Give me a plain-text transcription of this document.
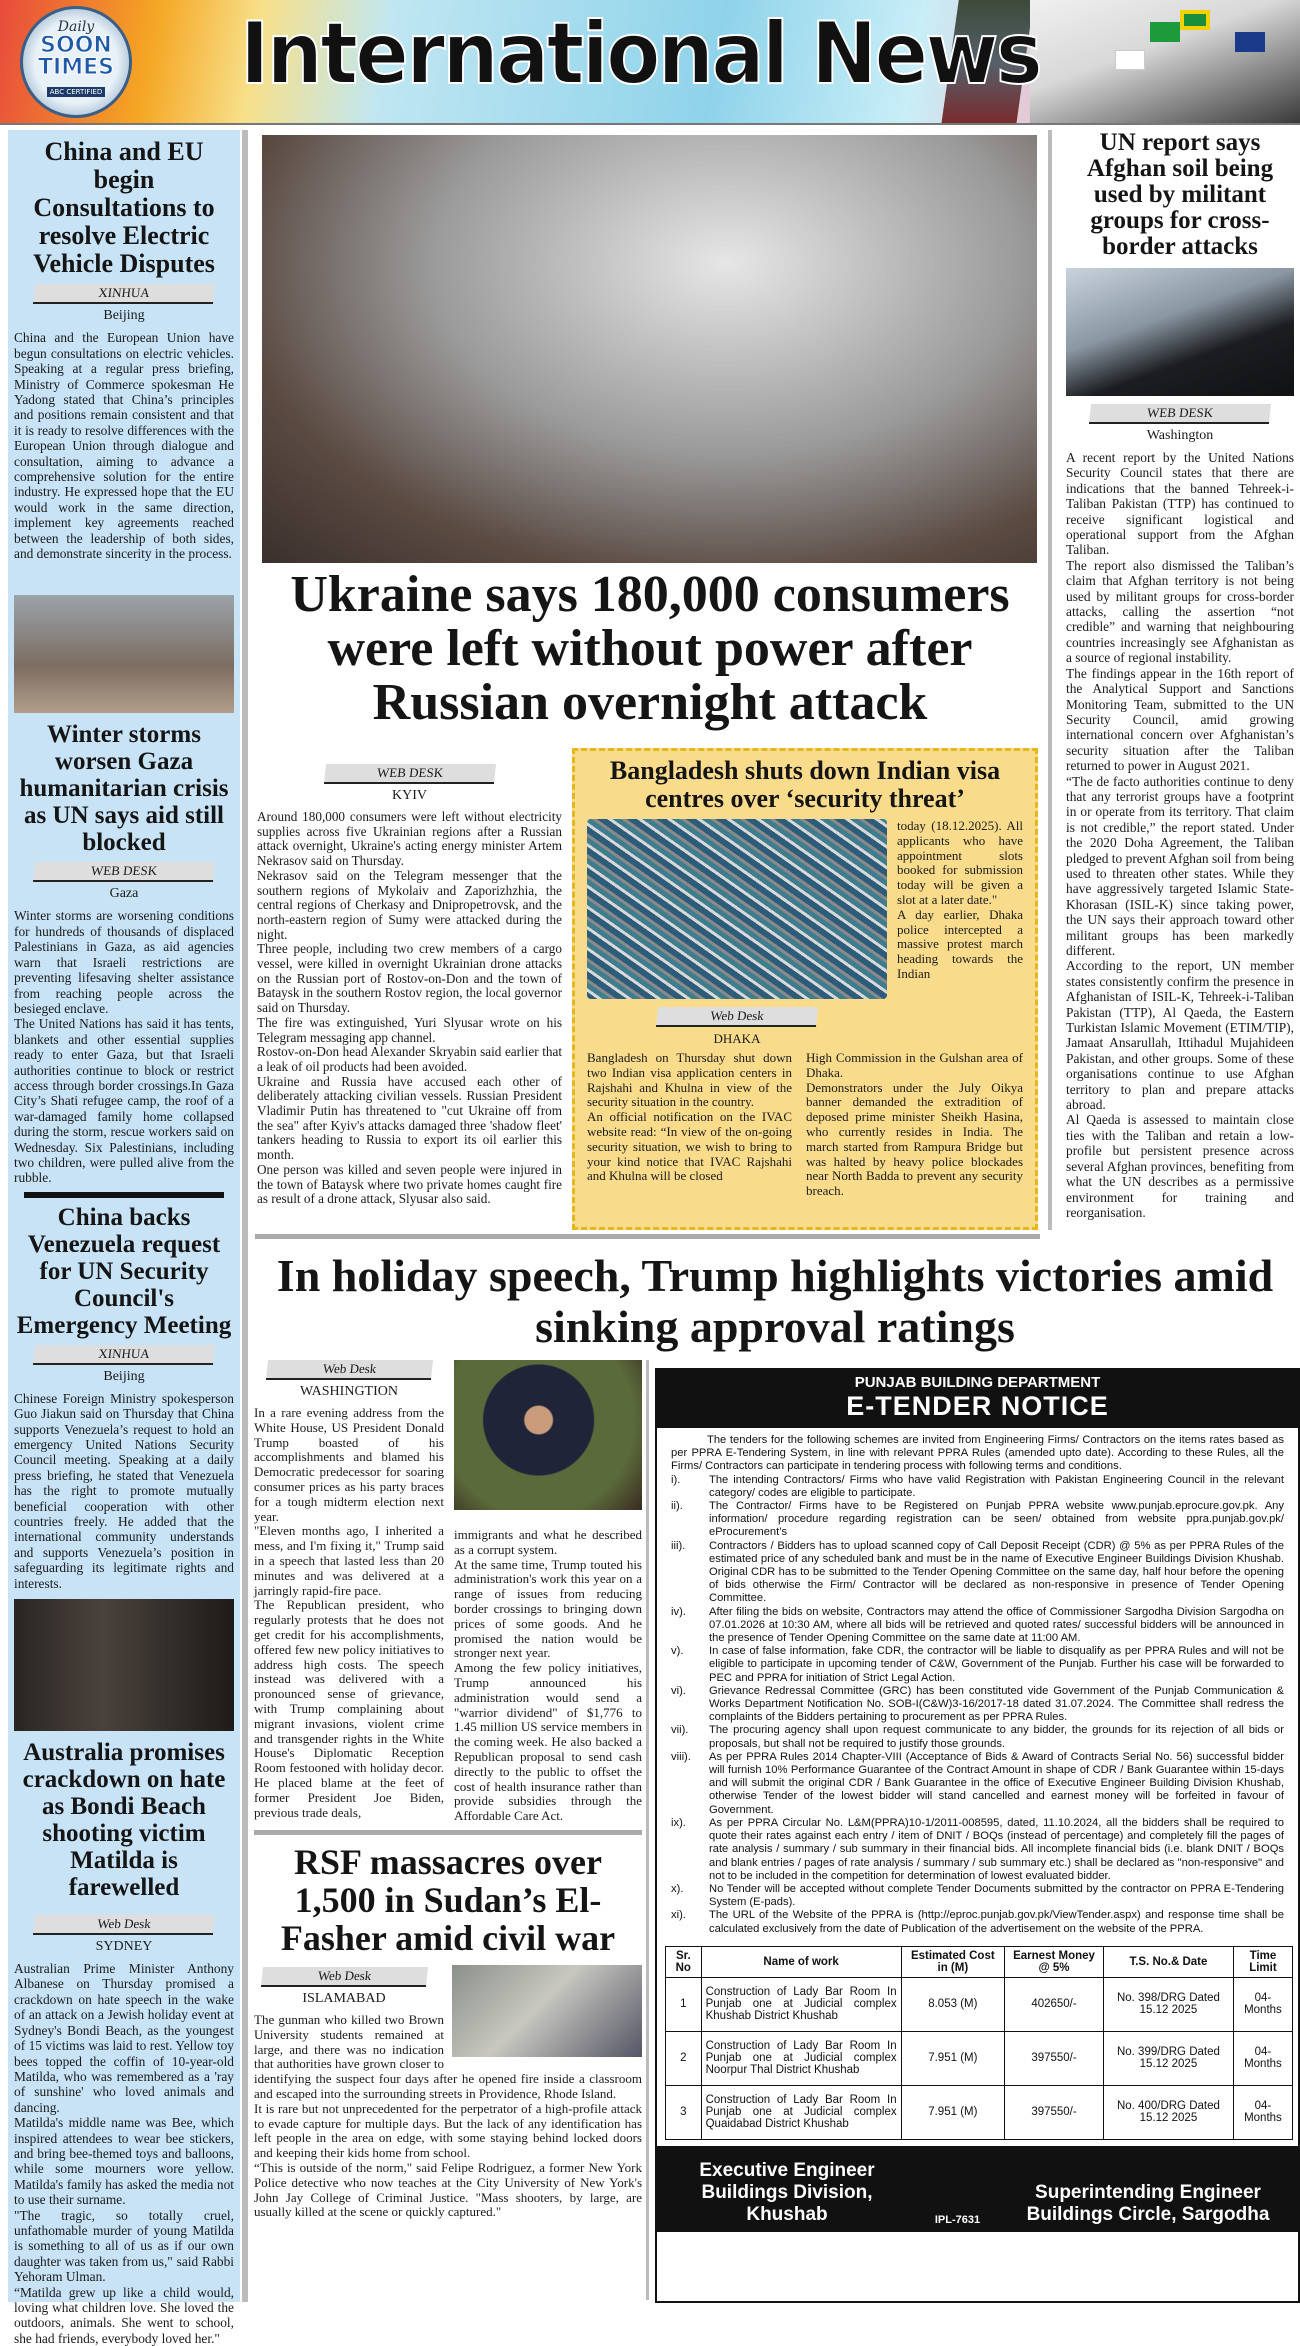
Daily
SOON
TIMES
ABC CERTIFIED	International News
China and EU begin Consultations to resolve Electric Vehicle Disputes
XINHUA
Beijing

China and the European Union have begun consultations on electric vehicles. Speaking at a regular press briefing, Ministry of Commerce spokesman He Yadong stated that China’s principles and positions remain consistent and that it is ready to resolve differences with the European Union through dialogue and consultation, aiming to advance a comprehensive solution for the entire industry. He expressed hope that the EU would work in the same direction, implement key agreements reached between the leadership of both sides, and demonstrate sincerity in the process.

Winter storms worsen Gaza humanitarian crisis as UN says aid still blocked
WEB DESK
Gaza

Winter storms are worsening conditions for hundreds of thousands of displaced Palestinians in Gaza, as aid agencies warn that Israeli restrictions are preventing lifesaving shelter assistance from reaching people across the besieged enclave.

The United Nations has said it has tents, blankets and other essential supplies ready to enter Gaza, but that Israeli authorities continue to block or restrict access through border crossings.In Gaza City’s Shati refugee camp, the roof of a war-damaged family home collapsed during the storm, rescue workers said on Wednesday. Six Palestinians, including two children, were pulled alive from the rubble.

China backs Venezuela request for UN Security Council's Emergency Meeting
XINHUA
Beijing

Chinese Foreign Ministry spokesperson Guo Jiakun said on Thursday that China supports Venezuela’s request to hold an emergency United Nations Security Council meeting. Speaking at a daily press briefing, he stated that Venezuela has the right to promote mutually beneficial cooperation with other countries freely. He added that the international community understands and supports Venezuela’s position in safeguarding its legitimate rights and interests.

Australia promises crackdown on hate as Bondi Beach shooting victim Matilda is farewelled
Web Desk
SYDNEY

Australian Prime Minister Anthony Albanese on Thursday promised a crackdown on hate speech in the wake of an attack on a Jewish holiday event at Sydney's Bondi Beach, as the youngest of 15 victims was laid to rest. Yellow toy bees topped the coffin of 10-year-old Matilda, who was remembered as a 'ray of sunshine' who loved animals and dancing.

Matilda's middle name was Bee, which inspired attendees to wear bee stickers, and bring bee-themed toys and balloons, while some mourners wore yellow. Matilda's family has asked the media not to use their surname.

"The tragic, so totally cruel, unfathomable murder of young Matilda is something to all of us as if our own daughter was taken from us," said Rabbi Yehoram Ulman.

“Matilda grew up like a child would, loving what children love. She loved the outdoors, animals. She went to school, she had friends, everybody loved her."

Ukraine says 180,000 consumers were left without power after Russian overnight attack
WEB DESK
KYIV

Around 180,000 consumers were left without electricity supplies across five Ukrainian regions after a Russian attack overnight, Ukraine's acting energy minister Artem Nekrasov said on Thursday.

Nekrasov said on the Telegram messenger that the southern regions of Mykolaiv and Zaporizhzhia, the central regions of Cherkasy and Dnipropetrovsk, and the north-eastern region of Sumy were attacked during the night.

Three people, including two crew members of a cargo vessel, were killed in overnight Ukrainian drone attacks on the Russian port of Rostov-on-Don and the town of Bataysk in the southern Rostov region, the local governor said on Thursday.

The fire was extinguished, Yuri Slyusar wrote on his Telegram messaging app channel.

Rostov-on-Don head Alexander Skryabin said earlier that a leak of oil products had been avoided.

Ukraine and Russia have accused each other of deliberately attacking civilian vessels. Russian President Vladimir Putin has threatened to "cut Ukraine off from the sea" after Kyiv's attacks damaged three 'shadow fleet' tankers heading to Russia to export its oil earlier this month.

One person was killed and seven people were injured in the town of Bataysk where two private homes caught fire as result of a drone attack, Slyusar also said.

Bangladesh shuts down Indian visa centres over ‘security threat’
Web Desk
DHAKA

today (18.12.2025). All applicants who have appointment slots booked for submission today will be given a slot at a later date."

A day earlier, Dhaka police intercepted a massive protest march heading towards the Indian

Bangladesh on Thursday shut down two Indian visa application centers in Rajshahi and Khulna in view of the security situation in the country.

An official notification on the IVAC website read: “In view of the on-going security situation, we wish to bring to your kind notice that IVAC Rajshahi and Khulna will be closed

High Commission in the Gulshan area of Dhaka.

Demonstrators under the July Oikya banner demanded the extradition of deposed prime minister Sheikh Hasina, who currently resides in India. The march started from Rampura Bridge but was halted by heavy police blockades near North Badda to prevent any security breach.

UN report says Afghan soil being used by militant groups for cross-border attacks
WEB DESK
Washington

A recent report by the United Nations Security Council states that there are indications that the banned Tehreek-i-Taliban Pakistan (TTP) has continued to receive significant logistical and operational support from the Afghan Taliban.

The report also dismissed the Taliban’s claim that Afghan territory is not being used by militant groups for cross-border attacks, calling the assertion “not credible” and warning that neighbouring countries increasingly see Afghanistan as a source of regional instability.

The findings appear in the 16th report of the Analytical Support and Sanctions Monitoring Team, submitted to the UN Security Council, amid growing international concern over Afghanistan’s security situation after the Taliban returned to power in August 2021.

“The de facto authorities continue to deny that any terrorist groups have a footprint in or operate from its territory. That claim is not credible,” the report stated. Under the 2020 Doha Agreement, the Taliban pledged to prevent Afghan soil from being used to threaten other states. While they have aggressively targeted Islamic State-Khorasan (ISIL-K) since taking power, the UN says their approach toward other militant groups has been markedly different.

According to the report, UN member states consistently confirm the presence in Afghanistan of ISIL-K, Tehreek-i-Taliban Pakistan (TTP), Al Qaeda, the Eastern Turkistan Islamic Movement (ETIM/TIP), Jamaat Ansarullah, Ittihadul Mujahideen Pakistan, and other groups. Some of these organisations continue to use Afghan territory to plan and prepare attacks abroad.

Al Qaeda is assessed to maintain close ties with the Taliban and retain a low-profile but persistent presence across several Afghan provinces, benefiting from what the UN describes as a permissive environment for training and reorganisation.

In holiday speech, Trump highlights victories amid sinking approval ratings
Web Desk
WASHINGTION

In a rare evening address from the White House, US President Donald Trump boasted of his accomplishments and blamed his Democratic predecessor for soaring consumer prices as his party braces for a tough midterm election next year.

"Eleven months ago, I inherited a mess, and I'm fixing it," Trump said in a speech that lasted less than 20 minutes and was delivered at a jarringly rapid-fire pace.

The Republican president, who regularly protests that he does not get credit for his accomplishments, offered few new policy initiatives to address high costs. The speech instead was delivered with a pronounced sense of grievance, with Trump complaining about migrant invasions, violent crime and transgender rights in the White House's Diplomatic Reception Room festooned with holiday decor. He placed blame at the feet of former President Joe Biden, previous trade deals,

immigrants and what he described as a corrupt system.

At the same time, Trump touted his administration's work this year on a range of issues from reducing border crossings to bringing down prices of some goods. And he promised the nation would be stronger next year.

Among the few policy initiatives, Trump announced his administration would send a "warrior dividend" of $1,776 to 1.45 million US service members in the coming week. He also backed a Republican proposal to send cash directly to the public to offset the cost of health insurance rather than provide subsidies through the Affordable Care Act.

RSF massacres over 1,500 in Sudan’s El-Fasher amid civil war
Web Desk
ISLAMABAD

The gunman who killed two Brown University students remained at large, and there was no indication that authorities have grown closer to identifying the suspect four days after he opened fire inside a classroom and escaped into the surrounding streets in Providence, Rhode Island.

It is rare but not unprecedented for the perpetrator of a high-profile attack to evade capture for multiple days. But the lack of any identification has left people in the area on edge, with some staying behind locked doors and keeping their kids home from school.

“This is outside of the norm," said Felipe Rodriguez, a former New York Police detective who now teaches at the City University of New York's John Jay College of Criminal Justice. "Mass shooters, by large, are usually killed at the scene or quickly captured."

PUNJAB BUILDING DEPARTMENT
E-TENDER NOTICE

The tenders for the following schemes are invited from Engineering Firms/ Contractors on the items rates based as per PPRA E-Tendering System, in line with relevant PPRA Rules (amended upto date). According to these Rules, all the Firms/ Contractors can participate in tendering process with following terms and conditions.

i).	The intending Contractors/ Firms who have valid Registration with Pakistan Engineering Council in the relevant category/ codes are eligible to participate.
ii).	The Contractor/ Firms have to be Registered on Punjab PPRA website www.punjab.eprocure.gov.pk. Any information/ procedure regarding registration can be seen/ obtained from website ppra.punjab.gov.pk/ eProcurement’s
iii).	Contractors / Bidders has to upload scanned copy of Call Deposit Receipt (CDR) @ 5% as per PPRA Rules of the estimated price of any scheduled bank and must be in the name of Executive Engineer Buildings Division Khushab. Original CDR has to be submitted to the Tender Opening Committee on the same day, half hour before the opening of bids otherwise the Firm/ Contractor will be declared as non-responsive in presence of Tender Opening Committee.
iv).	After filing the bids on website, Contractors may attend the office of Commissioner Sargodha Division Sargodha on 07.01.2026 at 10:30 AM, where all bids will be retrieved and quoted rates/ successful bidders will be announced in the presence of Tender Opening Committee on the same date at 11:00 AM.
v).	In case of false information, fake CDR, the contractor will be liable to disqualify as per PPRA Rules and will not be eligible to participate in upcoming tender of C&W, Government of the Punjab. Further his case will be forwarded to PEC and PPRA for initiation of Strict Legal Action.
vi).	Grievance Redressal Committee (GRC) has been constituted vide Government of the Punjab Communication & Works Department Notification No. SOB-I(C&W)3-16/2017-18 dated 31.07.2024. The Committee shall redress the complaints of the Bidders pertaining to procurement as per PPRA Rules.
vii).	The procuring agency shall upon request communicate to any bidder, the grounds for its rejection of all bids or proposals, but shall not be required to justify those grounds.
viii).	As per PPRA Rules 2014 Chapter-VIII (Acceptance of Bids & Award of Contracts Serial No. 56) successful bidder will furnish 10% Performance Guarantee of the Contract Amount in shape of CDR / Bank Guarantee within 15-days and will submit the original CDR / Bank Guarantee in the office of Executive Engineer Building Division Khushab, otherwise Tender of the lowest bidder will stand cancelled and earnest money will be forfeited in favour of Government.
ix).	As per PPRA Circular No. L&M(PPRA)10-1/2011-008595, dated, 11.10.2024, all the bidders shall be required to quote their rates against each entry / item of DNIT / BOQs (instead of percentage) and completely fill the pages of rate analysis / summary / sub summary in their financial bids. All incomplete financial bids (i.e. blank DNIT / BOQs and blank entries / pages of rate analysis / summary / sub summary etc.) shall be declared as "non-responsive" and not to be included in the competition for determination of lowest evaluated bidder.
x).	No Tender will be accepted without complete Tender Documents submitted by the contractor on PPRA E-Tendering System (E-pads).
xi).	The URL of the Website of the PPRA is (http://eproc.punjab.gov.pk/ViewTender.aspx) and response time shall be calculated exclusively from the date of Publication of the advertisement on the website of the PPRA.
Sr. No	Name of work	Estimated Cost in (M)	Earnest Money @ 5%	T.S. No.& Date	Time Limit
1	Construction of Lady Bar Room In Punjab one at Judicial complex Khushab District Khushab	8.053 (M)	402650/-	No. 398/DRG Dated 15.12 2025	04-Months
2	Construction of Lady Bar Room In Punjab one at Judicial complex Noorpur Thal District Khushab	7.951 (M)	397550/-	No. 399/DRG Dated 15.12 2025	04-Months
3	Construction of Lady Bar Room In Punjab one at Judicial complex Quaidabad District Khushab	7.951 (M)	397550/-	No. 400/DRG Dated 15.12 2025	04-Months
Executive Engineer Buildings Division, Khushab	IPL-7631
Superintending Engineer Buildings Circle, Sargodha
